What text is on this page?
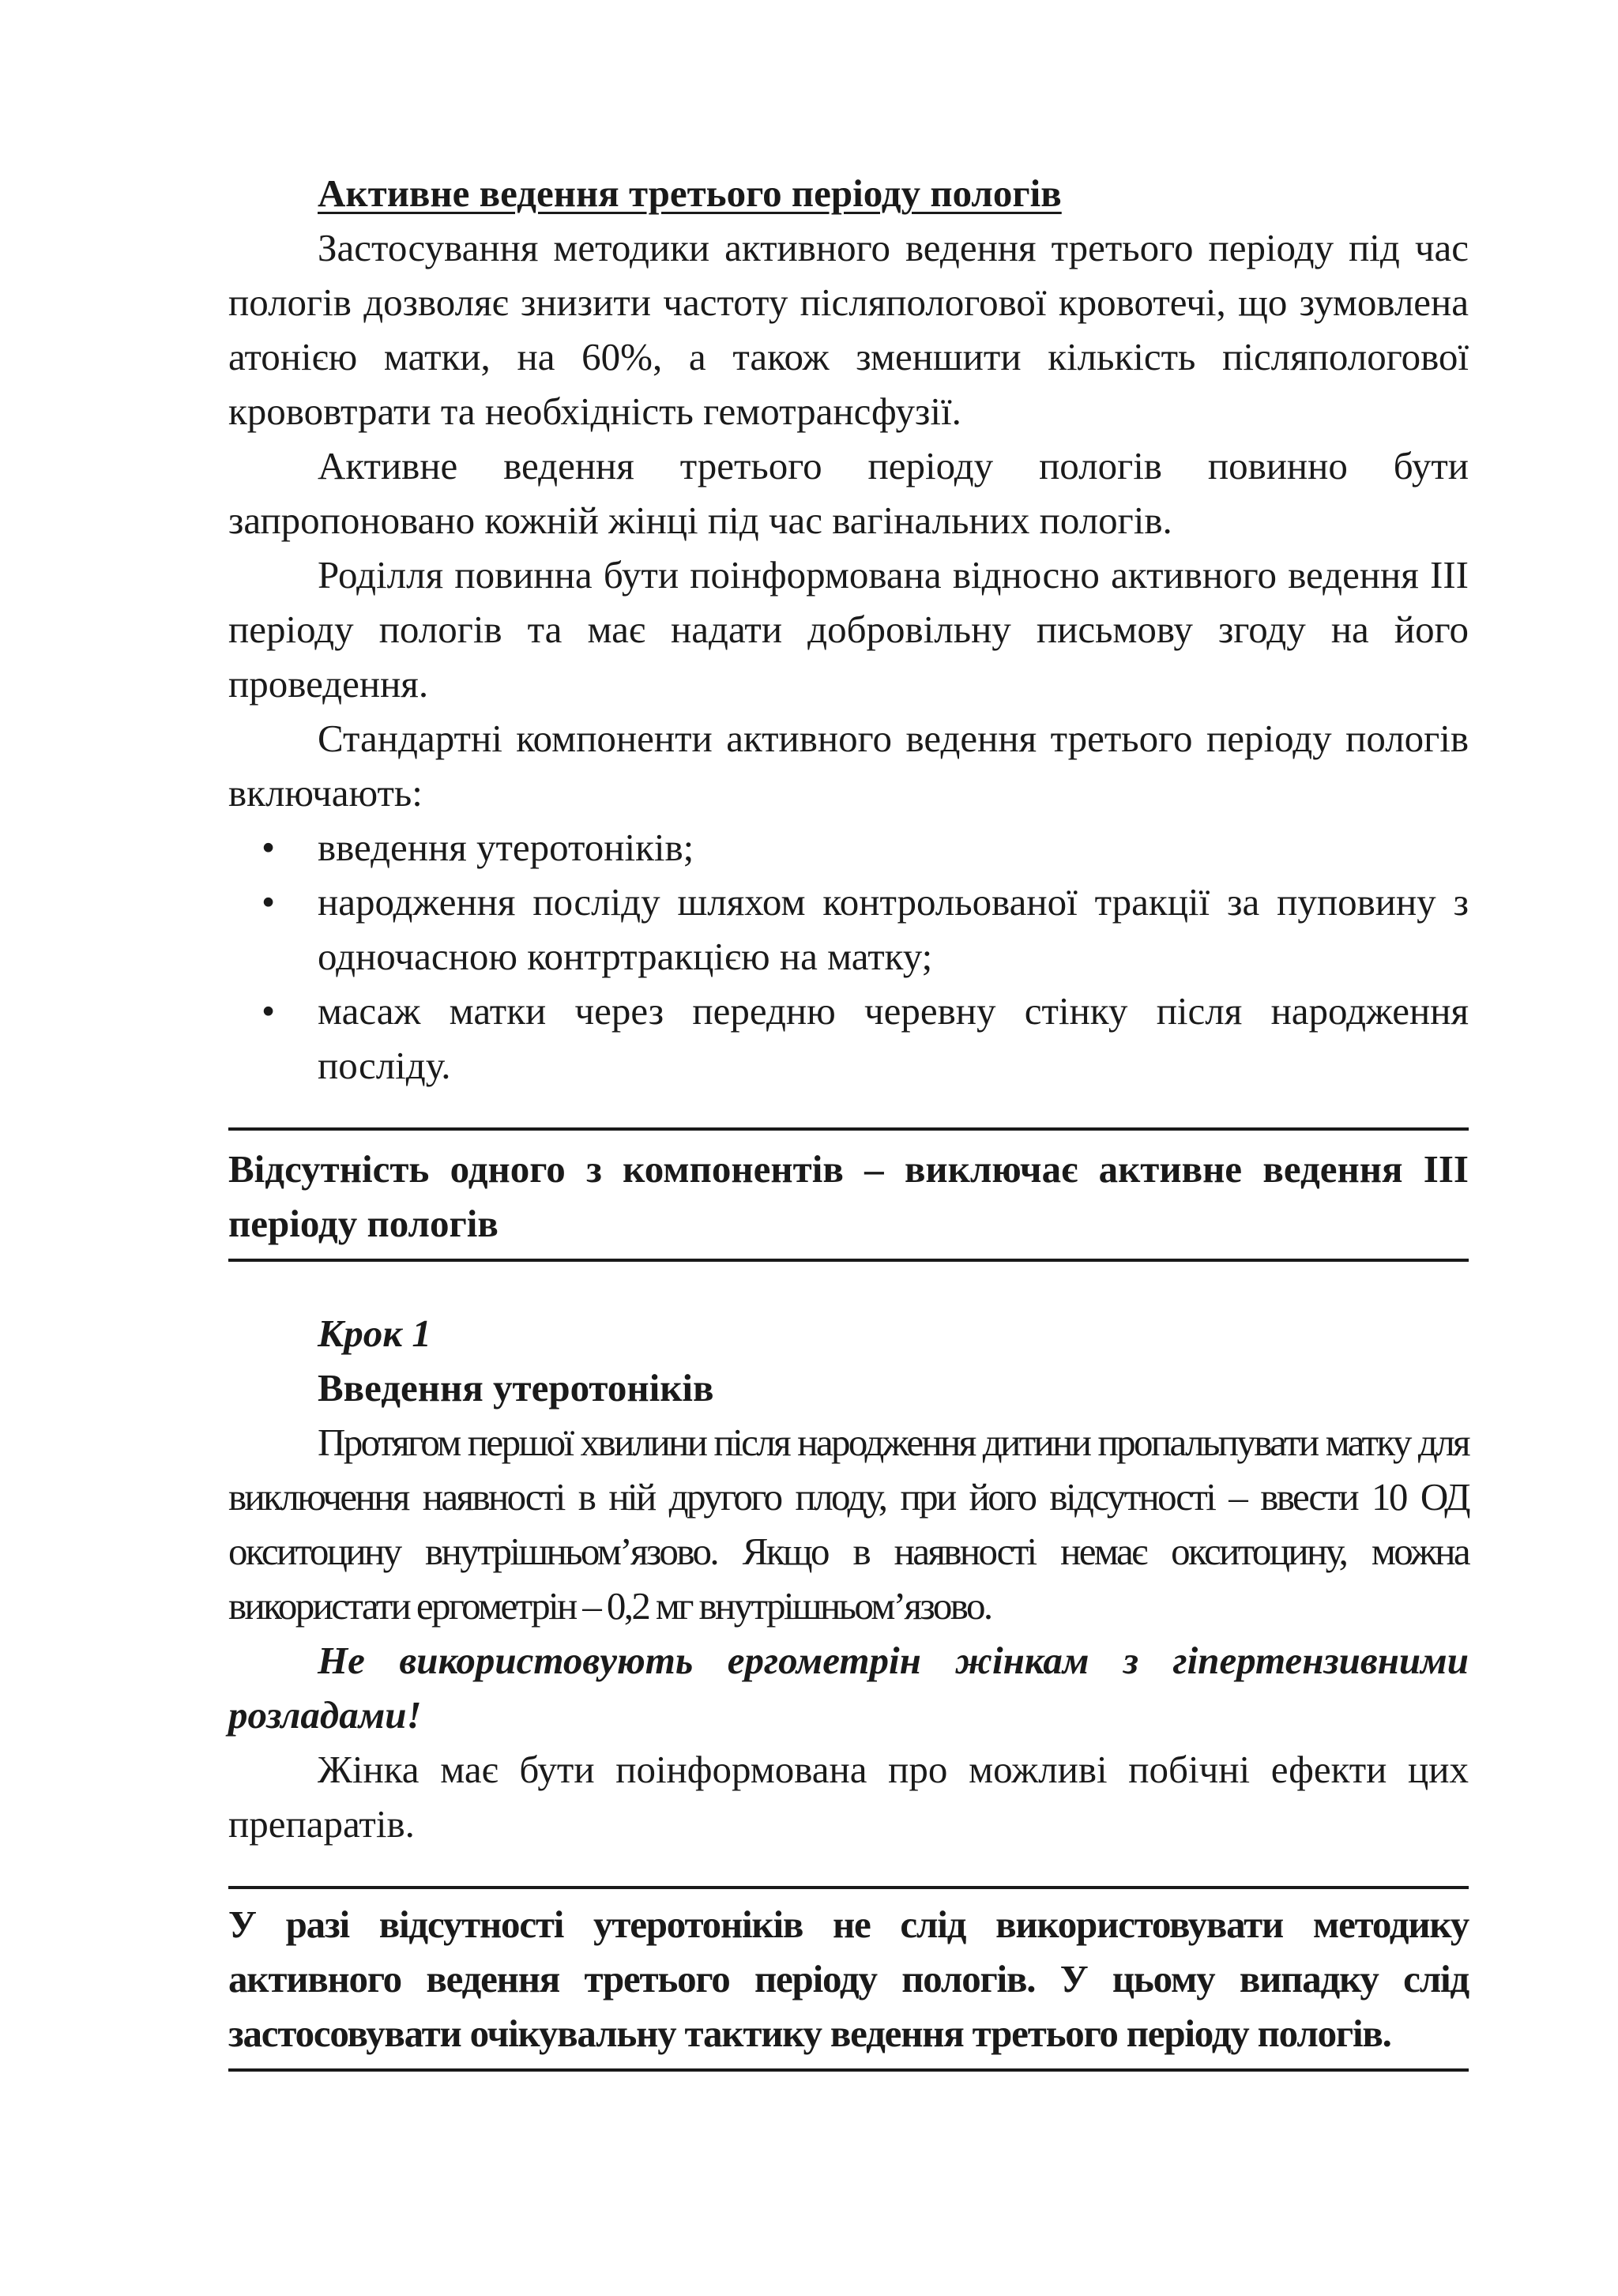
Активне ведення третього періоду пологів

Застосування методики активного ведення третього періоду під час пологів дозволяє знизити частоту післяпологової кровотечі, що зумовлена атонією матки, на 60%, а також зменшити кількість післяпологової крововтрати та необхідність гемотрансфузії.

Активне ведення третього періоду пологів повинно бути запропоновано кожній жінці під час вагінальних пологів.

Роділля повинна бути поінформована відносно активного ведення III періоду пологів та має надати добровільну письмову згоду на його проведення.

Стандартні компоненти активного ведення третього періоду пологів включають:

• введення утеротоніків;
• народження посліду шляхом контрольованої тракції за пуповину з одночасною контртракцією на матку;
• масаж матки через передню черевну стінку після народження посліду.
Відсутність одного з компонентів – виключає активне ведення III періоду пологів
Крок 1
Введення утеротоніків

Протягом першої хвилини після народження дитини пропальпувати матку для виключення наявності в ній другого плоду, при його відсутності – ввести 10 ОД окситоцину внутрішньом’язово. Якщо в наявності немає окситоцину, можна використати ергометрін – 0,2 мг внутрішньом’язово.

Не використовують ергометрін жінкам з гіпертензивними розладами!

Жінка має бути поінформована про можливі побічні ефекти цих препаратів.

У разі відсутності утеротоніків не слід використовувати методику активного ведення третього періоду пологів. У цьому випадку слід застосовувати очікувальну тактику ведення третього періоду пологів.
